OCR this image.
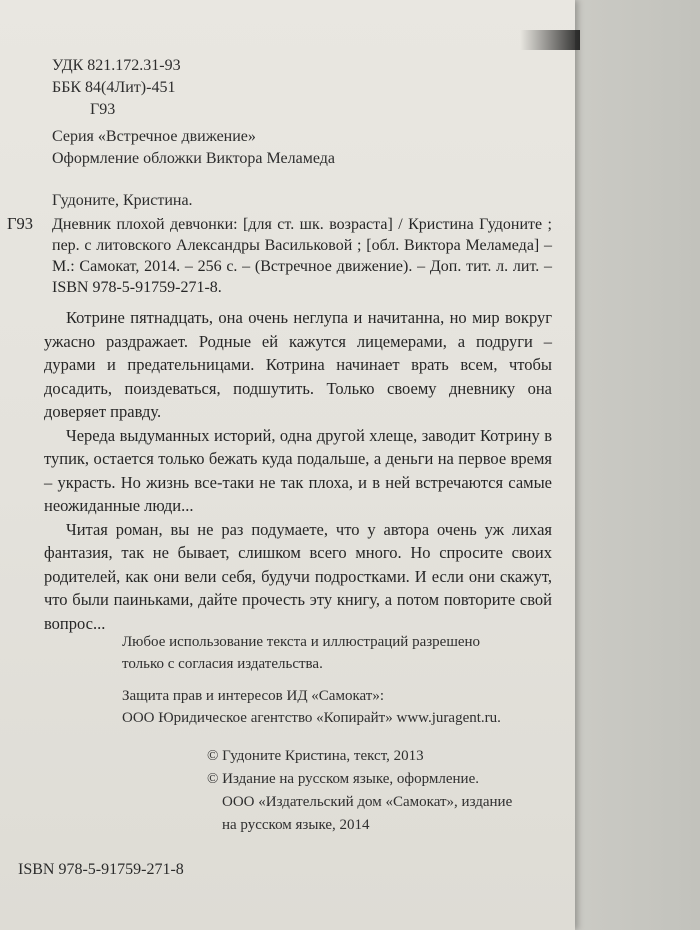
УДК 821.172.31-93
ББК 84(4Лит)-451
Г93
Серия «Встречное движение»
Оформление обложки Виктора Меламеда
Гудоните, Кристина.
Г93 Дневник плохой девчонки: [для ст. шк. возраста] / Кристина Гудоните ; пер. с литовского Александры Васильковой ; [обл. Виктора Меламеда] – М.: Самокат, 2014. – 256 с. – (Встречное движение). – Доп. тит. л. лит. – ISBN 978-5-91759-271-8.

Котрине пятнадцать, она очень неглупа и начитанна, но мир вокруг ужасно раздражает. Родные ей кажутся лицемерами, а подруги – дурами и предательницами. Котрина начинает врать всем, чтобы досадить, поиздеваться, подшутить. Только своему дневнику она доверяет правду.

Череда выдуманных историй, одна другой хлеще, заводит Котрину в тупик, остается только бежать куда подальше, а деньги на первое время – украсть. Но жизнь все-таки не так плоха, и в ней встречаются самые неожиданные люди...

Читая роман, вы не раз подумаете, что у автора очень уж лихая фантазия, так не бывает, слишком всего много. Но спросите своих родителей, как они вели себя, будучи подростками. И если они скажут, что были паиньками, дайте прочесть эту книгу, а потом повторите свой вопрос...

Любое использование текста и иллюстраций разрешено
только с согласия издательства.
Защита прав и интересов ИД «Самокат»:
ООО Юридическое агентство «Копирайт» www.juragent.ru.
© Гудоните Кристина, текст, 2013
© Издание на русском языке, оформление.
ООО «Издательский дом «Самокат», издание
на русском языке, 2014
ISBN 978-5-91759-271-8
